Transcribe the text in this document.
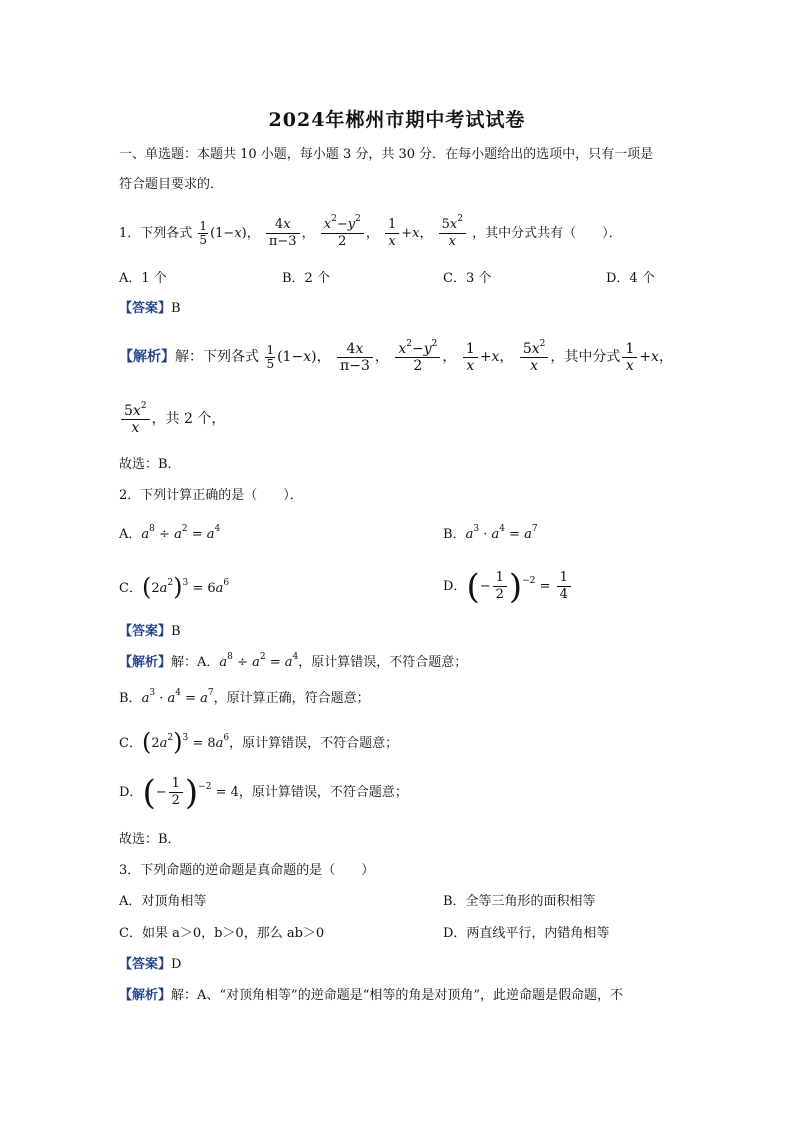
2024年郴州市期中考试试卷
一、单选题：本题共 10 小题，每小题 3 分，共 30 分．在每小题给出的选项中，只有一项是
符合题目要求的．
1．下列各式 $\frac{1}{5} (1-x)$， $\frac{4x}{\pi-3}$ ， $\frac{x^2-y^2}{2}$ ， $\frac{1}{x} +x$， $\frac{5x^2}{x}$ ，其中分式共有（　　）．
A．1 个	B．2 个	C．3 个	D．4 个
【答案】B
【解析】解：下列各式 $\frac{1}{5} (1-x)$， $\frac{4x}{\pi-3}$ ， $\frac{x^2-y^2}{2}$ ， $\frac{1}{x} +x$， $\frac{5x^2}{x}$ ，其中分式 $\frac{1}{x} +x$，
$\frac{5x^2}{x}$ ，共 2 个，
故选：B．
2．下列计算正确的是（　　）．
A．$a^8 \div a^2 = a^4$	B．$a^3 \cdot a^4 = a^7$
C．$(2a^2)^3 = 6a^6$	D．(− $\frac{1}{2} )^{-2} = \frac{1}{4}$
【答案】B
【解析】解：A．$a^8 \div a^2 = a^4$，原计算错误，不符合题意；
B．$a^3 \cdot a^4 = a^7$，原计算正确，符合题意；
C．$(2a^2)^3 = 8a^6$，原计算错误，不符合题意；
D．(− $\frac{1}{2} )^{-2} = 4$，原计算错误，不符合题意；
故选：B．
3．下列命题的逆命题是真命题的是（　　）
A．对顶角相等	B．全等三角形的面积相等
C．如果 a＞0，b＞0，那么 ab＞0	D．两直线平行，内错角相等
【答案】D
【解析】解：A、“对顶角相等”的逆命题是“相等的角是对顶角”，此逆命题是假命题，不
